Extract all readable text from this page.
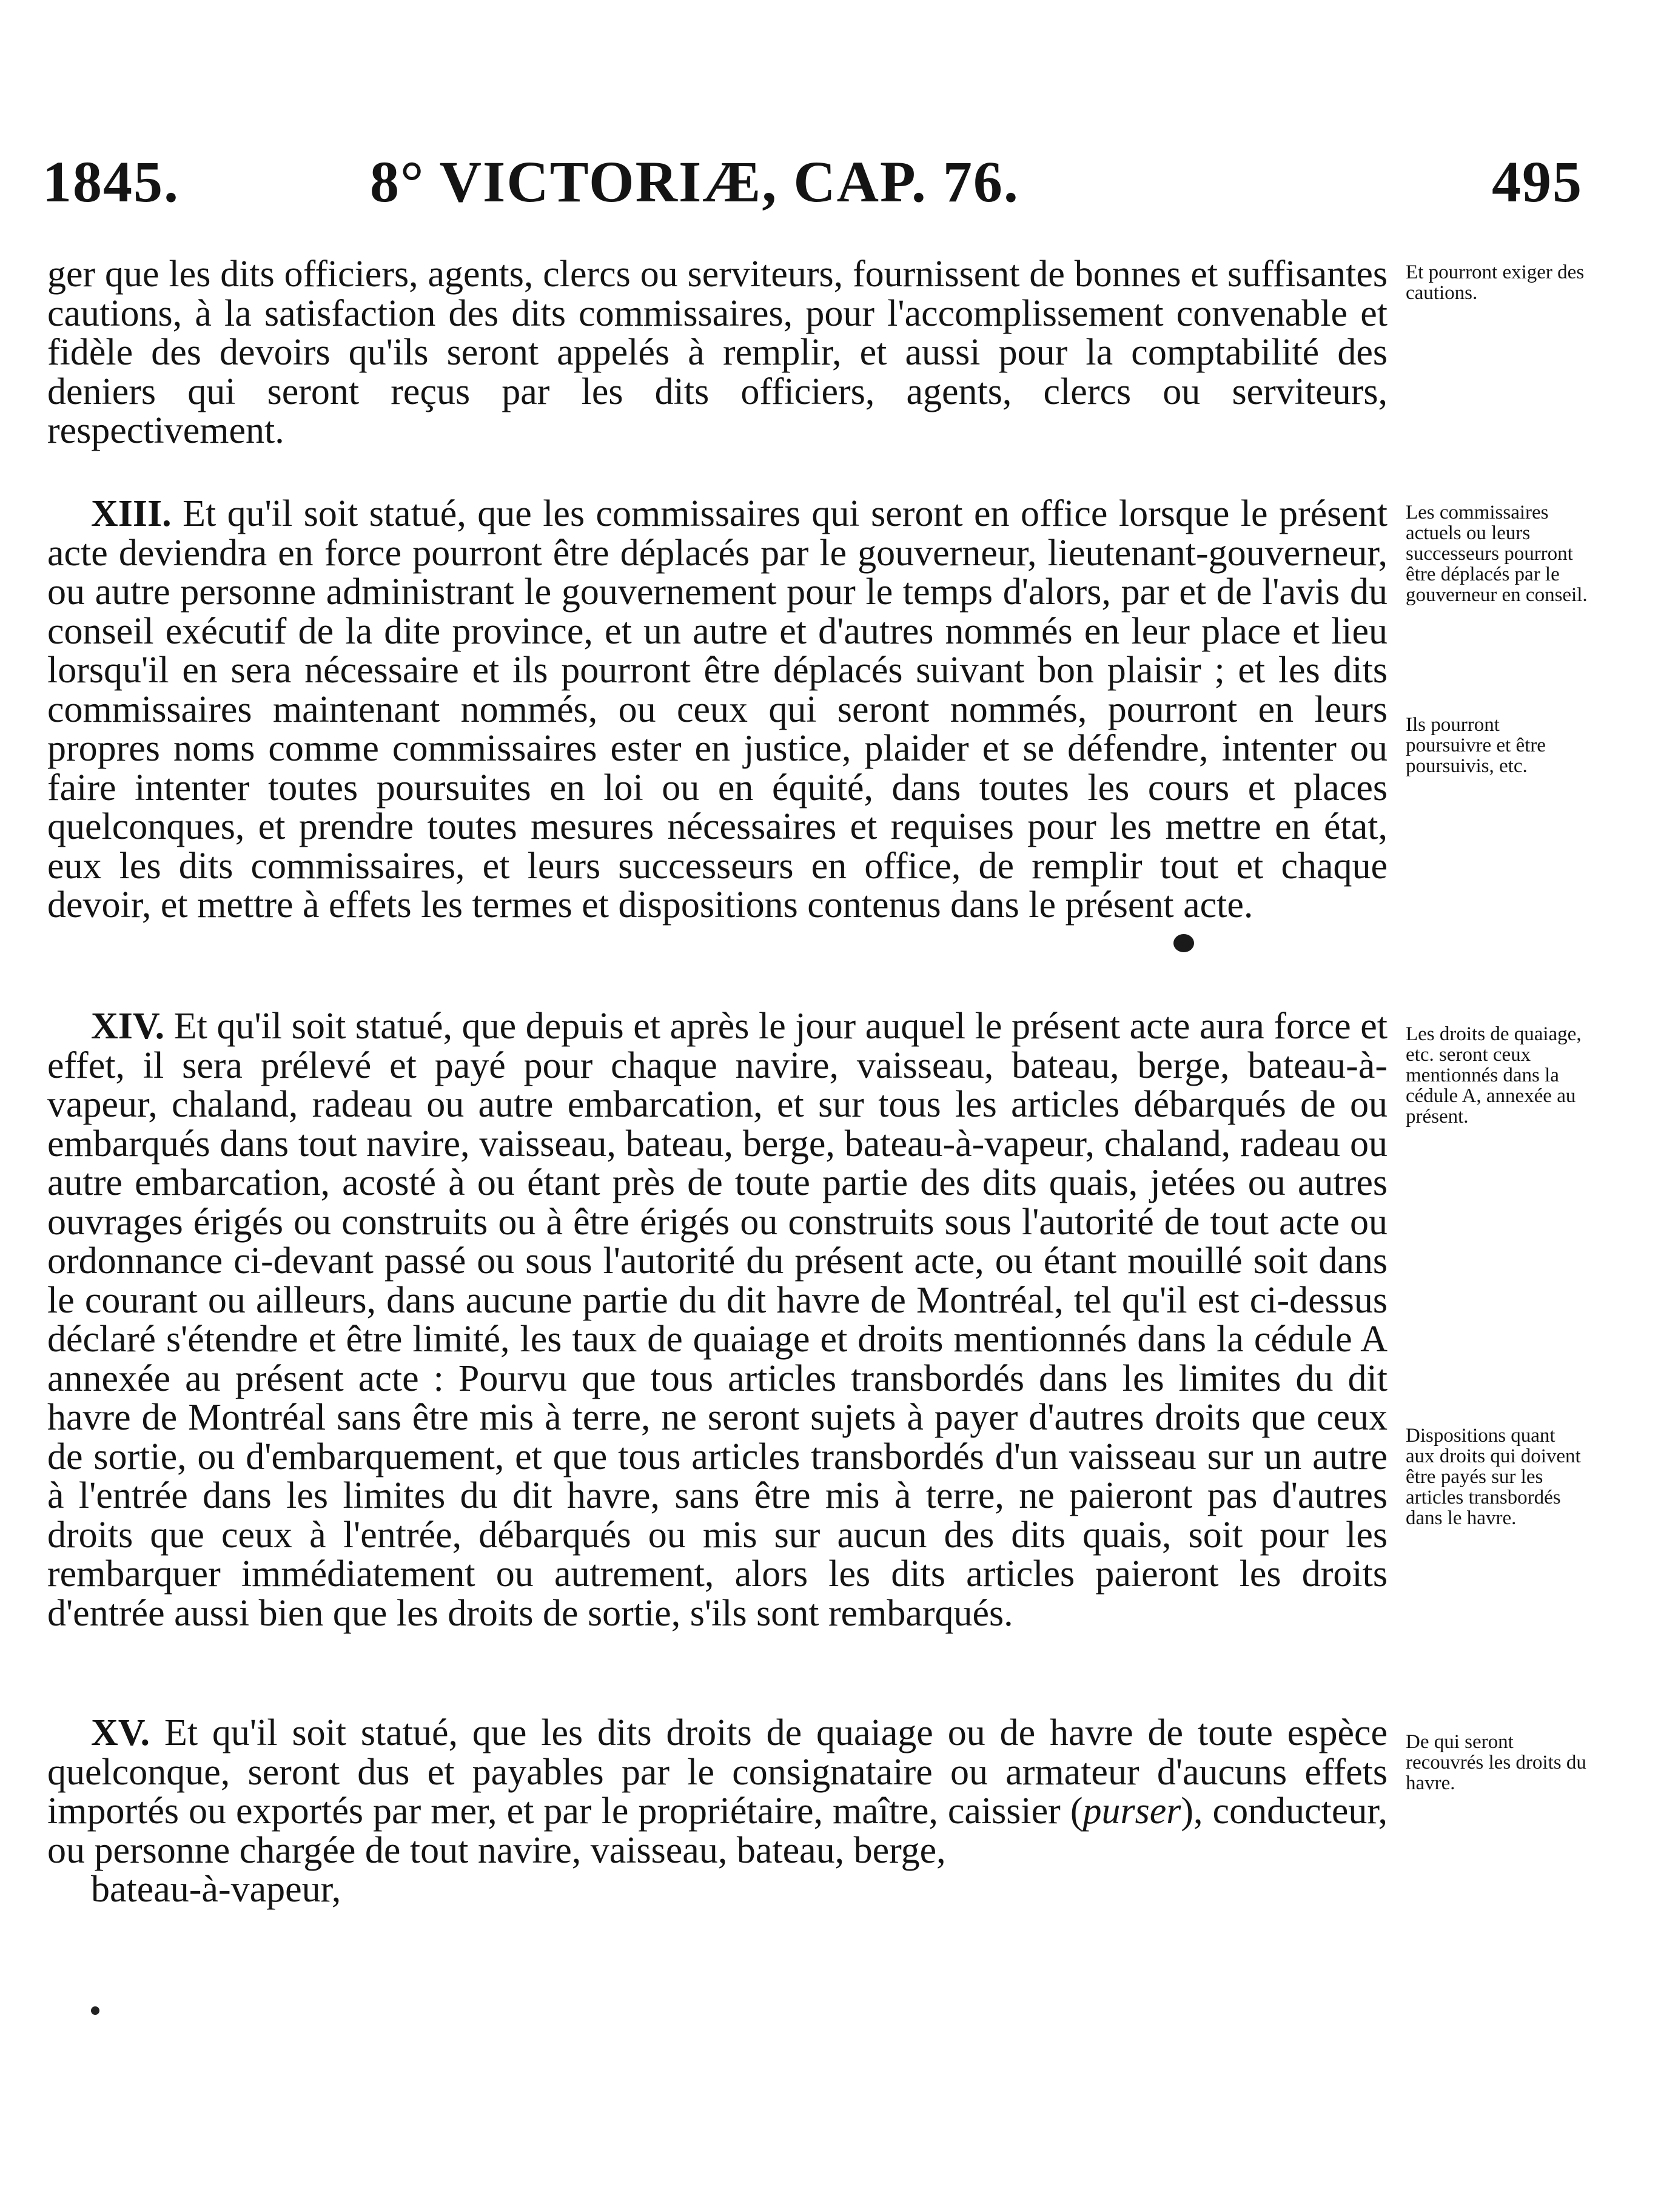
1845.	8° VICTORIÆ, CAP. 76.	495

ger que les dits officiers, agents, clercs ou serviteurs, fournissent de bonnes et suffisantes cautions, à la satisfaction des dits commissaires, pour l'accomplissement convenable et fidèle des devoirs qu'ils seront appelés à remplir, et aussi pour la comptabilité des deniers qui seront reçus par les dits officiers, agents, clercs ou serviteurs, respectivement.

XIII. Et qu'il soit statué, que les commissaires qui seront en office lorsque le présent acte deviendra en force pourront être déplacés par le gouverneur, lieutenant-gouverneur, ou autre personne administrant le gouvernement pour le temps d'alors, par et de l'avis du conseil exécutif de la dite province, et un autre et d'autres nommés en leur place et lieu lorsqu'il en sera nécessaire et ils pourront être déplacés suivant bon plaisir ; et les dits commissaires maintenant nommés, ou ceux qui seront nommés, pourront en leurs propres noms comme commissaires ester en justice, plaider et se défendre, intenter ou faire intenter toutes poursuites en loi ou en équité, dans toutes les cours et places quelconques, et prendre toutes mesures nécessaires et requises pour les mettre en état, eux les dits commissaires, et leurs successeurs en office, de remplir tout et chaque devoir, et mettre à effets les termes et dispositions contenus dans le présent acte.

XIV. Et qu'il soit statué, que depuis et après le jour auquel le présent acte aura force et effet, il sera prélevé et payé pour chaque navire, vaisseau, bateau, berge, bateau-à-vapeur, chaland, radeau ou autre embarcation, et sur tous les articles débarqués de ou embarqués dans tout navire, vaisseau, bateau, berge, bateau-à-vapeur, chaland, radeau ou autre embarcation, acosté à ou étant près de toute partie des dits quais, jetées ou autres ouvrages érigés ou construits ou à être érigés ou construits sous l'autorité de tout acte ou ordonnance ci-devant passé ou sous l'autorité du présent acte, ou étant mouillé soit dans le courant ou ailleurs, dans aucune partie du dit havre de Montréal, tel qu'il est ci-dessus déclaré s'étendre et être limité, les taux de quaiage et droits mentionnés dans la cédule A annexée au présent acte : Pourvu que tous articles transbordés dans les limites du dit havre de Montréal sans être mis à terre, ne seront sujets à payer d'autres droits que ceux de sortie, ou d'embarquement, et que tous articles transbordés d'un vaisseau sur un autre à l'entrée dans les limites du dit havre, sans être mis à terre, ne paieront pas d'autres droits que ceux à l'entrée, débarqués ou mis sur aucun des dits quais, soit pour les rembarquer immédiatement ou autrement, alors les dits articles paieront les droits d'entrée aussi bien que les droits de sortie, s'ils sont rembarqués.

XV. Et qu'il soit statué, que les dits droits de quaiage ou de havre de toute espèce quelconque, seront dus et payables par le consignataire ou armateur d'aucuns effets importés ou exportés par mer, et par le propriétaire, maître, caissier (purser), conducteur, ou personne chargée de tout navire, vaisseau, bateau, berge,
bateau-à-vapeur,

Et pourront exiger des cautions.

Les commissaires actuels ou leurs successeurs pourront être déplacés par le gouverneur en conseil.

Ils pourront poursuivre et être poursuivis, etc.

Les droits de quaiage, etc. seront ceux mentionnés dans la cédule A, annexée au présent.

Dispositions quant aux droits qui doivent être payés sur les articles transbordés dans le havre.

De qui seront recouvrés les droits du havre.
